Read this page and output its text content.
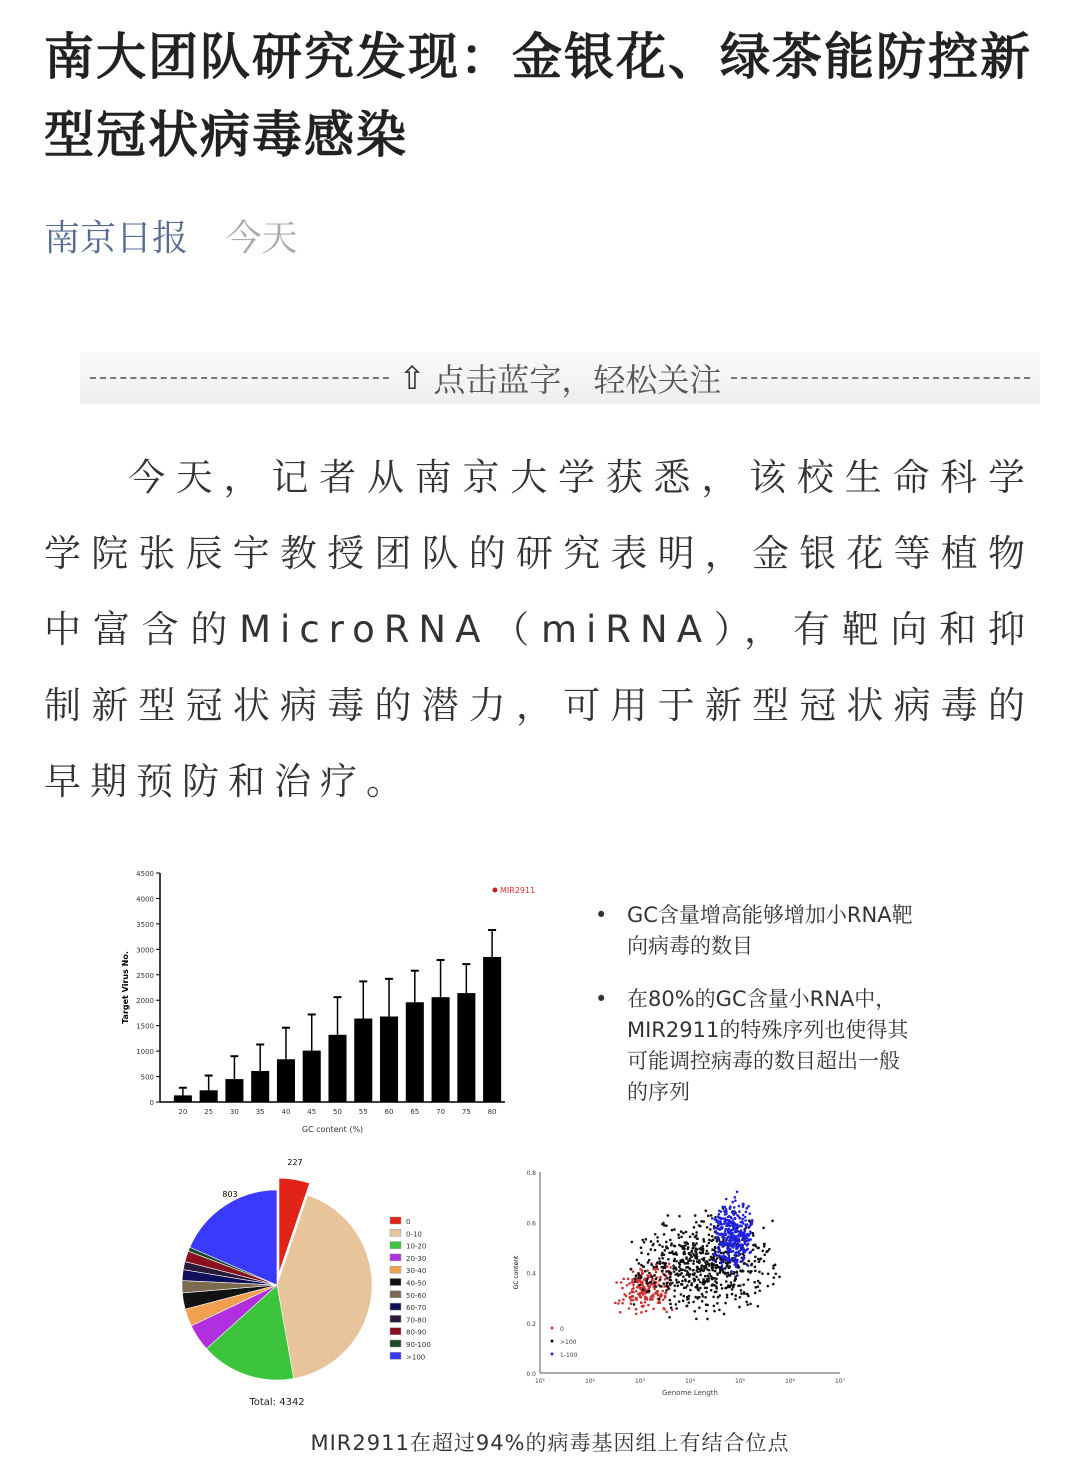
南大团队研究发现：金银花、绿茶能防控新型冠状病毒感染
南京日报 今天
⇧ 点击蓝字，轻松关注

今天，记者从南京大学获悉，该校生命科学学院张辰宇教授团队的研究表明，金银花等植物中富含的MicroRNA（miRNA），有靶向和抑制新型冠状病毒的潜力，可用于新型冠状病毒的早期预防和治疗。

0
500
1000
1500
2000
2500
3000
3500
4000
4500
20 25 30 35 40 45 50 55 60 65 70 75 80
GC content (%)
Target Virus No.
MIR2911
• GC含量增高能够增加小RNA靶向病毒的数目
• 在80%的GC含量小RNA中，MIR2911的特殊序列也使得其可能调控病毒的数目超出一般的序列
227
803
Total: 4342
0
0-10
10-20
20-30
30-40
40-50
50-60
60-70
70-80
80-90
90-100
>100
0.0
0.2
0.4
0.6
0.8
10¹	10²	10³	10⁴	10⁵	10⁶	10⁷
Genome Length
GC content
0
>100
1-100
MIR2911在超过94%的病毒基因组上有结合位点
